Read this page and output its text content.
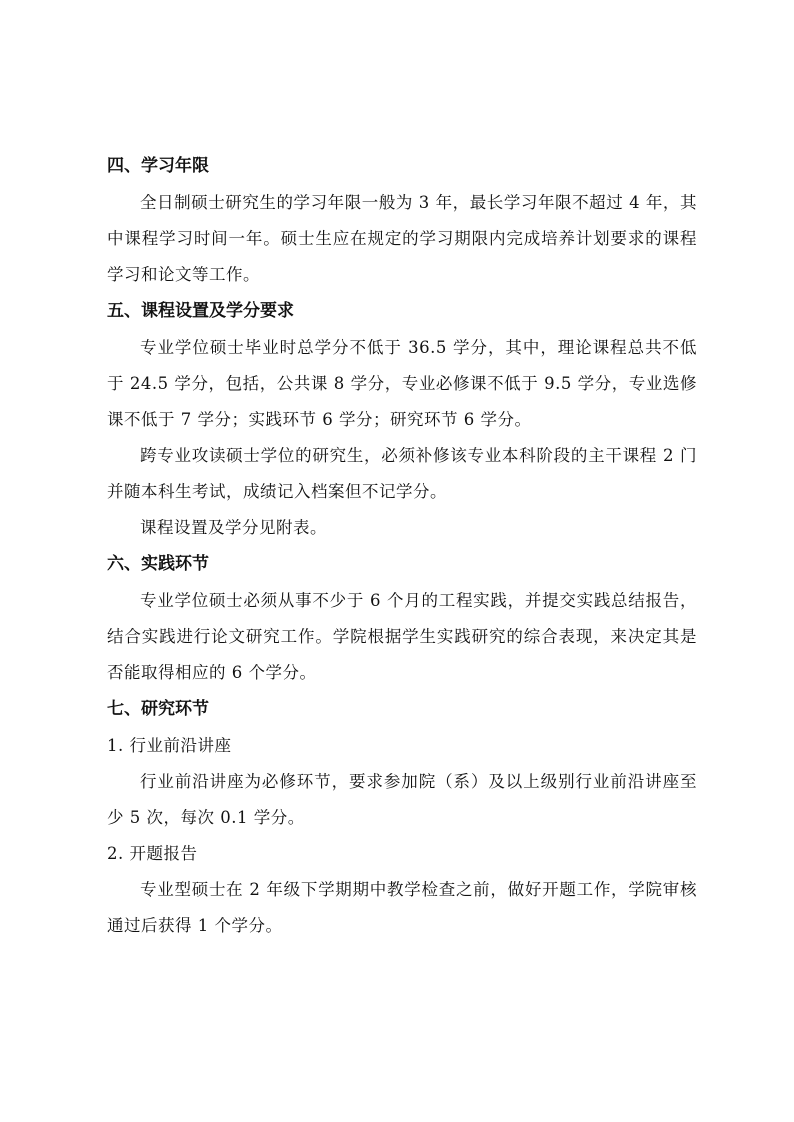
四、学习年限

全日制硕士研究生的学习年限一般为 3 年，最长学习年限不超过 4 年，其中课程学习时间一年。硕士生应在规定的学习期限内完成培养计划要求的课程学习和论文等工作。

五、课程设置及学分要求

专业学位硕士毕业时总学分不低于 36.5 学分，其中，理论课程总共不低于 24.5 学分，包括，公共课 8 学分，专业必修课不低于 9.5 学分，专业选修课不低于 7 学分；实践环节 6 学分；研究环节 6 学分。

跨专业攻读硕士学位的研究生，必须补修该专业本科阶段的主干课程 2 门并随本科生考试，成绩记入档案但不记学分。

课程设置及学分见附表。

六、实践环节

专业学位硕士必须从事不少于 6 个月的工程实践，并提交实践总结报告，结合实践进行论文研究工作。学院根据学生实践研究的综合表现，来决定其是否能取得相应的 6 个学分。

七、研究环节
1. 行业前沿讲座

行业前沿讲座为必修环节，要求参加院（系）及以上级别行业前沿讲座至少 5 次，每次 0.1 学分。

2. 开题报告

专业型硕士在 2 年级下学期期中教学检查之前，做好开题工作，学院审核通过后获得 1 个学分。
